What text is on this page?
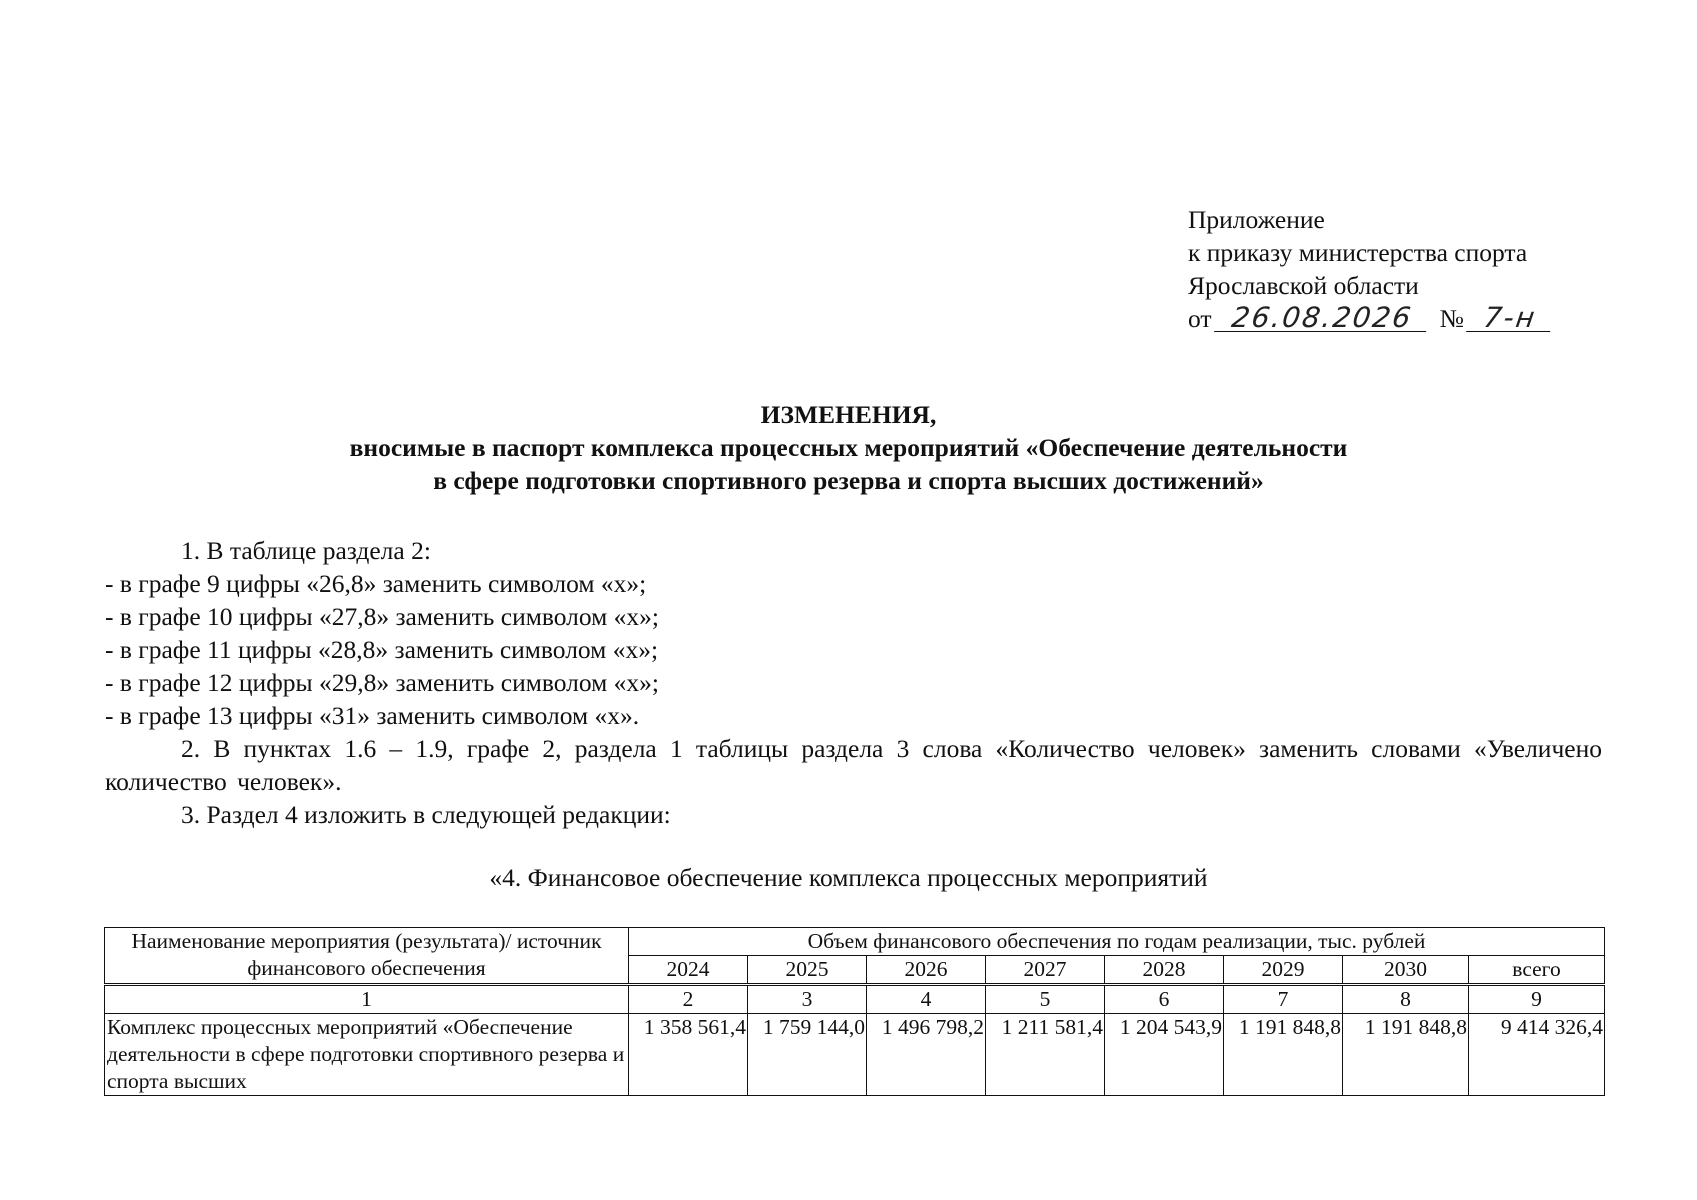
Приложение
к приказу министерства спорта
Ярославской области
от 26.08.2026 № 7-н
ИЗМЕНЕНИЯ,
вносимые в паспорт комплекса процессных мероприятий «Обеспечение деятельности
в сфере подготовки спортивного резерва и спорта высших достижений»

1. В таблице раздела 2:

- в графе 9 цифры «26,8» заменить символом «х»;

- в графе 10 цифры «27,8» заменить символом «х»;

- в графе 11 цифры «28,8» заменить символом «х»;

- в графе 12 цифры «29,8» заменить символом «х»;

- в графе 13 цифры «31» заменить символом «х».

2. В пунктах 1.6 – 1.9, графе 2, раздела 1 таблицы раздела 3 слова «Количество человек» заменить словами «Увеличено количество человек».

3. Раздел 4 изложить в следующей редакции:

«4. Финансовое обеспечение комплекса процессных мероприятий
Наименование мероприятия (результата)/ источник финансового обеспечения	Объем финансового обеспечения по годам реализации, тыс. рублей							
	2024	2025	2026	2027	2028	2029	2030	всего
1	2	3	4	5	6	7	8	9
Комплекс процессных мероприятий «Обеспечение деятельности в сфере подготовки спортивного резерва и спорта высших	1 358 561,4	1 759 144,0	1 496 798,2	1 211 581,4	1 204 543,9	1 191 848,8	1 191 848,8	9 414 326,4
